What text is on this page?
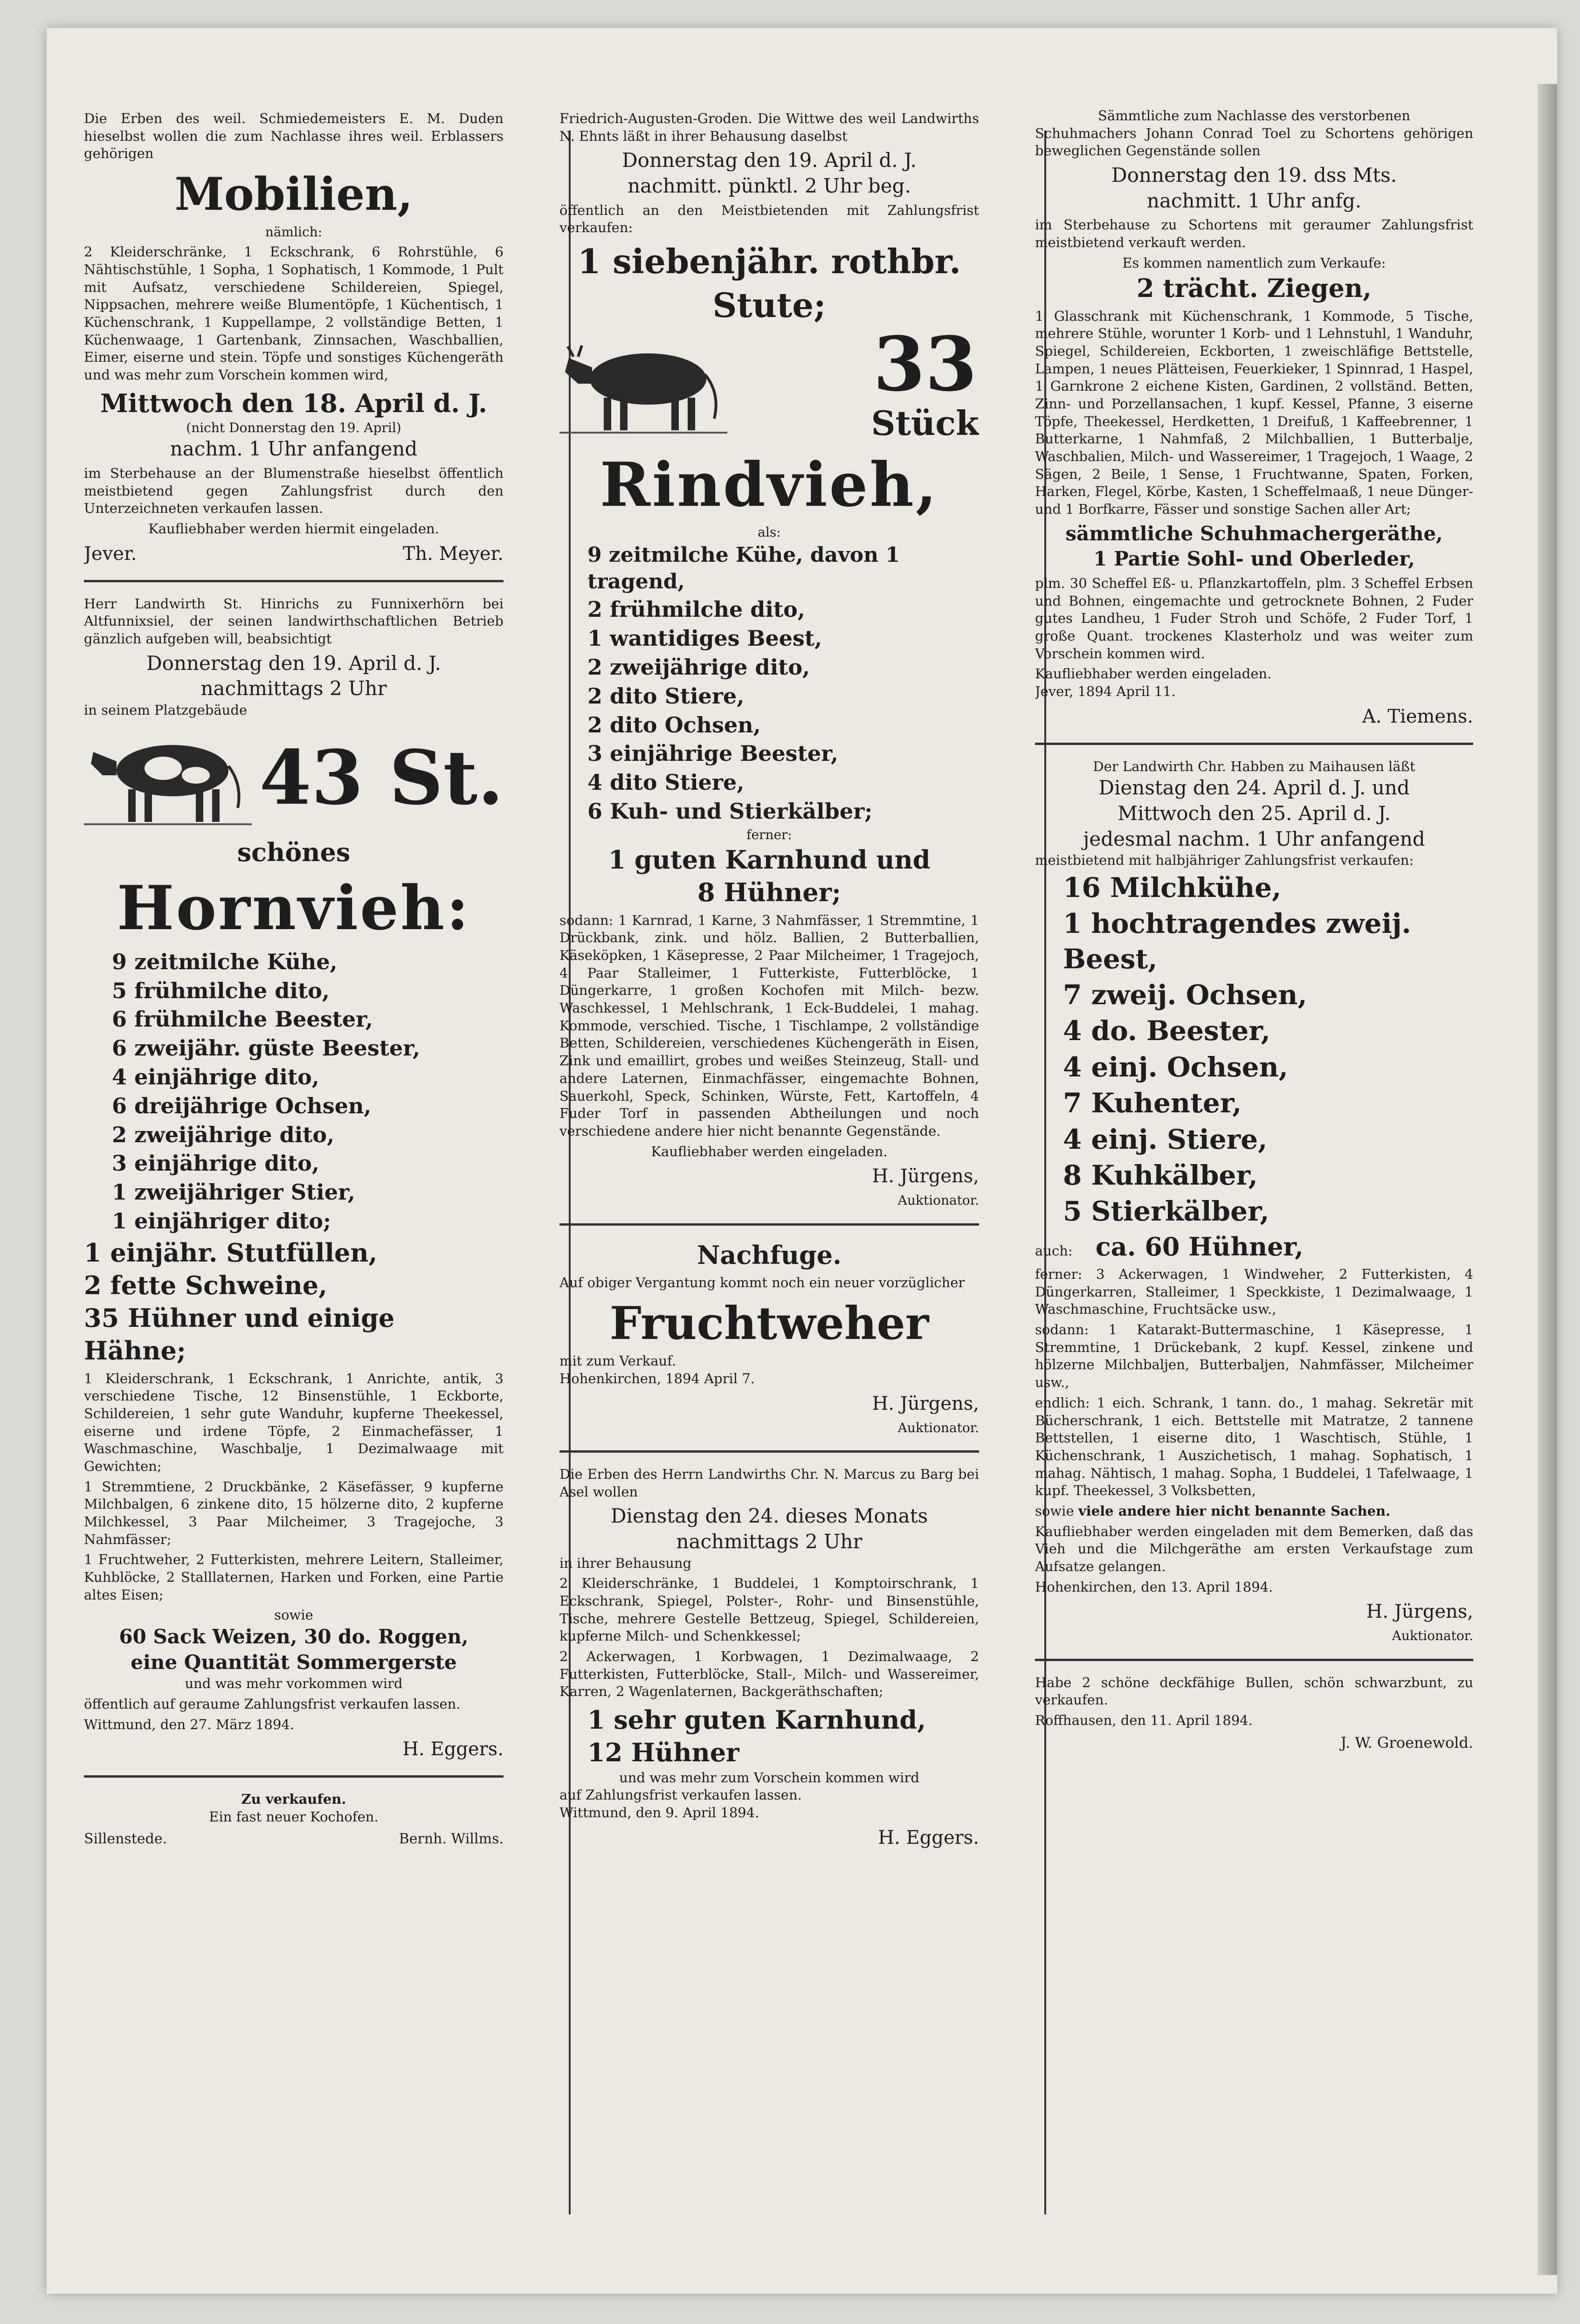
Die Erben des weil. Schmiedemeisters E. M. Duden hieselbst wollen die zum Nachlasse ihres weil. Erblassers gehörigen

Mobilien,
nämlich:

2 Kleiderschränke, 1 Eckschrank, 6 Rohrstühle, 6 Nähtischstühle, 1 Sopha, 1 Sophatisch, 1 Kommode, 1 Pult mit Aufsatz, verschiedene Schildereien, Spiegel, Nippsachen, mehrere weiße Blumentöpfe, 1 Küchentisch, 1 Küchenschrank, 1 Kuppellampe, 2 vollständige Betten, 1 Küchenwaage, 1 Gartenbank, Zinnsachen, Waschballien, Eimer, eiserne und stein. Töpfe und sonstiges Küchengeräth und was mehr zum Vorschein kommen wird,

Mittwoch den 18. April d. J.
(nicht Donnerstag den 19. April)
nachm. 1 Uhr anfangend

im Sterbehause an der Blumenstraße hieselbst öffentlich meistbietend gegen Zahlungsfrist durch den Unterzeichneten verkaufen lassen.

Kaufliebhaber werden hiermit eingeladen.

Jever.	Th. Meyer.

Herr Landwirth St. Hinrichs zu Funnixerhörn bei Altfunnixsiel, der seinen landwirthschaftlichen Betrieb gänzlich aufgeben will, beabsichtigt

Donnerstag den 19. April d. J.
nachmittags 2 Uhr
in seinem Platzgebäude
43 St.
schönes
Hornvieh:
9 zeitmilche Kühe,
5 frühmilche dito,
6 frühmilche Beester,
6 zweijähr. güste Beester,
4 einjährige dito,
6 dreijährige Ochsen,
2 zweijährige dito,
3 einjährige dito,
1 zweijähriger Stier,
1 einjähriger dito;
1 einjähr. Stutfüllen,
2 fette Schweine,
35 Hühner und einige Hähne;

1 Kleiderschrank, 1 Eckschrank, 1 Anrichte, antik, 3 verschiedene Tische, 12 Binsenstühle, 1 Eckborte, Schildereien, 1 sehr gute Wanduhr, kupferne Theekessel, eiserne und irdene Töpfe, 2 Einmachefässer, 1 Waschmaschine, Waschbalje, 1 Dezimalwaage mit Gewichten;

1 Stremmtiene, 2 Druckbänke, 2 Käsefässer, 9 kupferne Milchbalgen, 6 zinkene dito, 15 hölzerne dito, 2 kupferne Milchkessel, 3 Paar Milcheimer, 3 Tragejoche, 3 Nahmfässer;

1 Fruchtweher, 2 Futterkisten, mehrere Leitern, Stalleimer, Kuhblöcke, 2 Stalllaternen, Harken und Forken, eine Partie altes Eisen;

sowie
60 Sack Weizen, 30 do. Roggen,
eine Quantität Sommergerste
und was mehr vorkommen wird

öffentlich auf geraume Zahlungsfrist verkaufen lassen.

Wittmund, den 27. März 1894.
H. Eggers.
Zu verkaufen.
Ein fast neuer Kochofen.
Sillenstede.	Bernh. Willms.

Friedrich-Augusten-Groden. Die Wittwe des weil Landwirths N. Ehnts läßt in ihrer Behausung daselbst

Donnerstag den 19. April d. J.
nachmitt. pünktl. 2 Uhr beg.

öffentlich an den Meistbietenden mit Zahlungsfrist verkaufen:

1 siebenjähr. rothbr. Stute;
33
Stück
Rindvieh,
als:
9 zeitmilche Kühe, davon 1 tragend,
2 frühmilche dito,
1 wantidiges Beest,
2 zweijährige dito,
2 dito Stiere,
2 dito Ochsen,
3 einjährige Beester,
4 dito Stiere,
6 Kuh- und Stierkälber;
ferner:
1 guten Karnhund und
8 Hühner;

sodann: 1 Karnrad, 1 Karne, 3 Nahmfässer, 1 Stremmtine, 1 Drückbank, zink. und hölz. Ballien, 2 Butterballien, Käseköpken, 1 Käsepresse, 2 Paar Milcheimer, 1 Tragejoch, 4 Paar Stalleimer, 1 Futterkiste, Futterblöcke, 1 Düngerkarre, 1 großen Kochofen mit Milch- bezw. Waschkessel, 1 Mehlschrank, 1 Eck-Buddelei, 1 mahag. Kommode, verschied. Tische, 1 Tischlampe, 2 vollständige Betten, Schildereien, verschiedenes Küchengeräth in Eisen, Zink und emaillirt, grobes und weißes Steinzeug, Stall- und andere Laternen, Einmachfässer, eingemachte Bohnen, Sauerkohl, Speck, Schinken, Würste, Fett, Kartoffeln, 4 Fuder Torf in passenden Abtheilungen und noch verschiedene andere hier nicht benannte Gegenstände.

Kaufliebhaber werden eingeladen.

H. Jürgens,
Auktionator.
Nachfuge.

Auf obiger Vergantung kommt noch ein neuer vorzüglicher

Fruchtweher
mit zum Verkauf.
Hohenkirchen, 1894 April 7.
H. Jürgens,
Auktionator.

Die Erben des Herrn Landwirths Chr. N. Marcus zu Barg bei Asel wollen

Dienstag den 24. dieses Monats
nachmittags 2 Uhr
in ihrer Behausung

2 Kleiderschränke, 1 Buddelei, 1 Komptoirschrank, 1 Eckschrank, Spiegel, Polster-, Rohr- und Binsenstühle, Tische, mehrere Gestelle Bettzeug, Spiegel, Schildereien, kupferne Milch- und Schenkkessel;

2 Ackerwagen, 1 Korbwagen, 1 Dezimalwaage, 2 Futterkisten, Futterblöcke, Stall-, Milch- und Wassereimer, Karren, 2 Wagenlaternen, Backgeräthschaften;

1 sehr guten Karnhund,
12 Hühner
und was mehr zum Vorschein kommen wird
auf Zahlungsfrist verkaufen lassen.
Wittmund, den 9. April 1894.
H. Eggers.

Sämmtliche zum Nachlasse des verstorbenen

Schuhmachers Johann Conrad Toel zu Schortens gehörigen beweglichen Gegenstände sollen

Donnerstag den 19. dss Mts.
nachmitt. 1 Uhr anfg.

im Sterbehause zu Schortens mit geraumer Zahlungsfrist meistbietend verkauft werden.

Es kommen namentlich zum Verkaufe:
2 trächt. Ziegen,

1 Glasschrank mit Küchenschrank, 1 Kommode, 5 Tische, mehrere Stühle, worunter 1 Korb- und 1 Lehnstuhl, 1 Wanduhr, Spiegel, Schildereien, Eckborten, 1 zweischläfige Bettstelle, Lampen, 1 neues Plätteisen, Feuerkieker, 1 Spinnrad, 1 Haspel, 1 Garnkrone 2 eichene Kisten, Gardinen, 2 vollständ. Betten, Zinn- und Porzellansachen, 1 kupf. Kessel, Pfanne, 3 eiserne Töpfe, Theekessel, Herdketten, 1 Dreifuß, 1 Kaffeebrenner, 1 Butterkarne, 1 Nahmfaß, 2 Milchballien, 1 Butterbalje, Waschbalien, Milch- und Wassereimer, 1 Tragejoch, 1 Waage, 2 Sägen, 2 Beile, 1 Sense, 1 Fruchtwanne, Spaten, Forken, Harken, Flegel, Körbe, Kasten, 1 Scheffelmaaß, 1 neue Dünger- und 1 Borfkarre, Fässer und sonstige Sachen aller Art;

sämmtliche Schuhmachergeräthe,
1 Partie Sohl- und Oberleder,

plm. 30 Scheffel Eß- u. Pflanzkartoffeln, plm. 3 Scheffel Erbsen und Bohnen, eingemachte und getrocknete Bohnen, 2 Fuder gutes Landheu, 1 Fuder Stroh und Schöfe, 2 Fuder Torf, 1 große Quant. trockenes Klasterholz und was weiter zum Vorschein kommen wird.

Kaufliebhaber werden eingeladen.
Jever, 1894 April 11.
A. Tiemens.
Der Landwirth Chr. Habben zu Maihausen läßt
Dienstag den 24. April d. J. und
Mittwoch den 25. April d. J.
jedesmal nachm. 1 Uhr anfangend
meistbietend mit halbjähriger Zahlungsfrist verkaufen:
16 Milchkühe,
1 hochtragendes zweij. Beest,
7 zweij. Ochsen,
4 do. Beester,
4 einj. Ochsen,
7 Kuhenter,
4 einj. Stiere,
8 Kuhkälber,
5 Stierkälber,
auch: ca. 60 Hühner,

ferner: 3 Ackerwagen, 1 Windweher, 2 Futterkisten, 4 Düngerkarren, Stalleimer, 1 Speckkiste, 1 Dezimalwaage, 1 Waschmaschine, Fruchtsäcke usw.,

sodann: 1 Katarakt-Buttermaschine, 1 Käsepresse, 1 Stremmtine, 1 Drückebank, 2 kupf. Kessel, zinkene und hölzerne Milchbaljen, Butterbaljen, Nahmfässer, Milcheimer usw.,

endlich: 1 eich. Schrank, 1 tann. do., 1 mahag. Sekretär mit Bücherschrank, 1 eich. Bettstelle mit Matratze, 2 tannene Bettstellen, 1 eiserne dito, 1 Waschtisch, Stühle, 1 Küchenschrank, 1 Auszichetisch, 1 mahag. Sophatisch, 1 mahag. Nähtisch, 1 mahag. Sopha, 1 Buddelei, 1 Tafelwaage, 1 kupf. Theekessel, 3 Volksbetten,

sowie viele andere hier nicht benannte Sachen.

Kaufliebhaber werden eingeladen mit dem Bemerken, daß das Vieh und die Milchgeräthe am ersten Verkaufstage zum Aufsatze gelangen.

Hohenkirchen, den 13. April 1894.
H. Jürgens,
Auktionator.

Habe 2 schöne deckfähige Bullen, schön schwarzbunt, zu verkaufen.

Roffhausen, den 11. April 1894.
J. W. Groenewold.
